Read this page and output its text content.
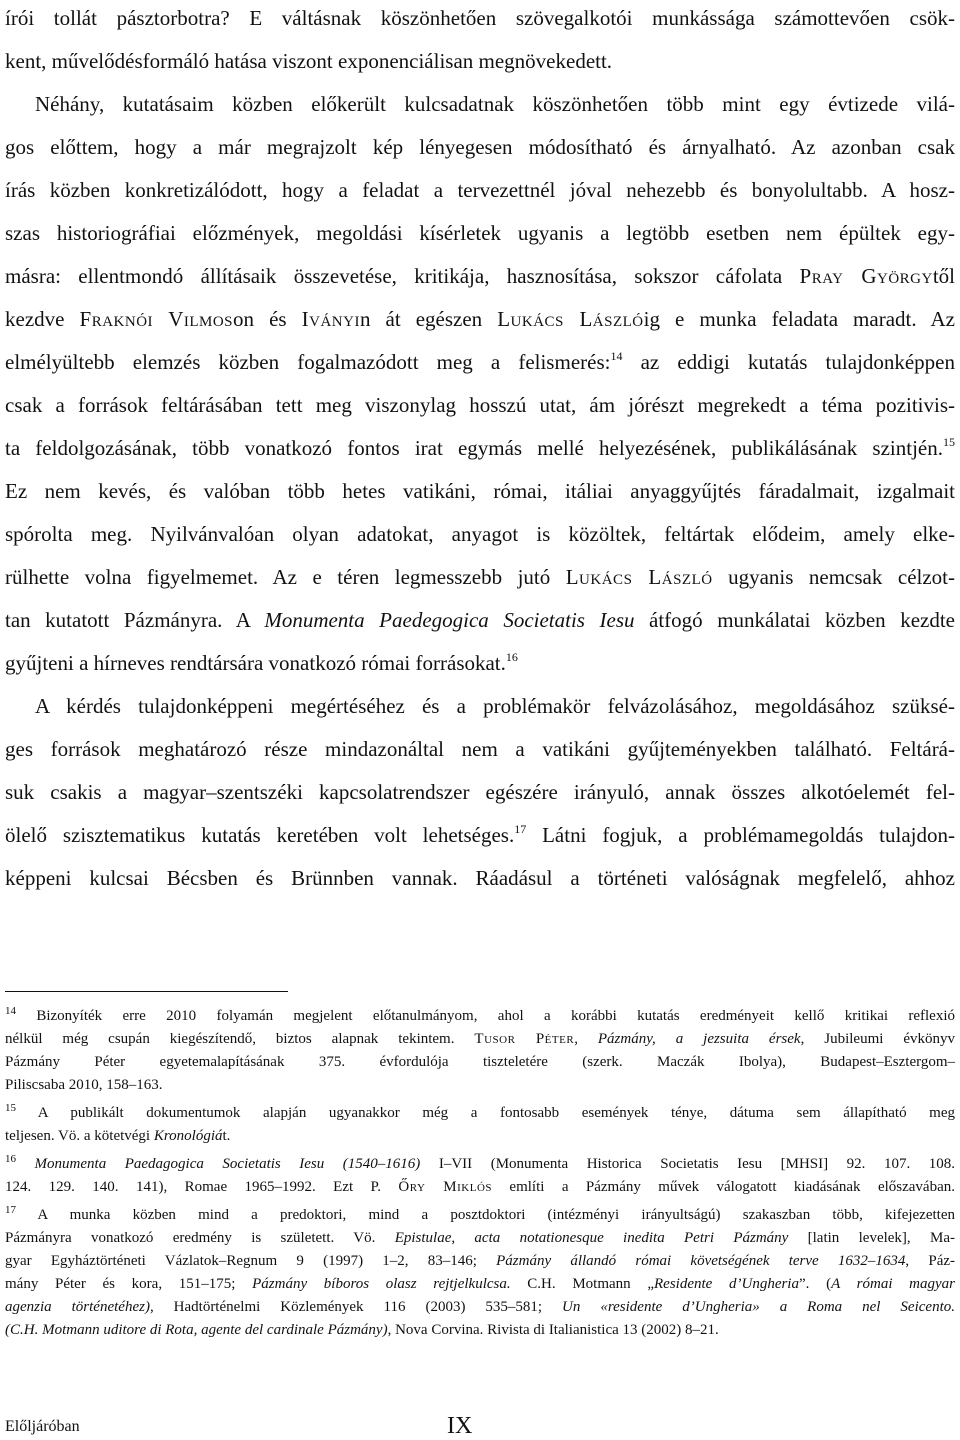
írói tollát pásztorbotra? E váltásnak köszönhetően szövegalkotói munkássága számottevően csök-
kent, művelődésformáló hatása viszont exponenciálisan megnövekedett.
Néhány, kutatásaim közben előkerült kulcsadatnak köszönhetően több mint egy évtizede vilá-
gos előttem, hogy a már megrajzolt kép lényegesen módosítható és árnyalható. Az azonban csak
írás közben konkretizálódott, hogy a feladat a tervezettnél jóval nehezebb és bonyolultabb. A hosz-
szas historiográfiai előzmények, megoldási kísérletek ugyanis a legtöbb esetben nem épültek egy-
másra: ellentmondó állításaik összevetése, kritikája, hasznosítása, sokszor cáfolata Pray Györgytől
kezdve Fraknói Vilmoson és Iványin át egészen Lukács Lászlóig e munka feladata maradt. Az
elmélyültebb elemzés közben fogalmazódott meg a felismerés:$^{14}$ az eddigi kutatás tulajdonképpen
csak a források feltárásában tett meg viszonylag hosszú utat, ám jórészt megrekedt a téma pozitivis-
ta feldolgozásának, több vonatkozó fontos irat egymás mellé helyezésének, publikálásának szintjén.$^{15}$
Ez nem kevés, és valóban több hetes vatikáni, római, itáliai anyaggyűjtés fáradalmait, izgalmait
spórolta meg. Nyilvánvalóan olyan adatokat, anyagot is közöltek, feltártak elődeim, amely elke-
rülhette volna figyelmemet. Az e téren legmesszebb jutó Lukács László ugyanis nemcsak célzot-
tan kutatott Pázmányra. A Monumenta Paedegogica Societatis Iesu átfogó munkálatai közben kezdte
gyűjteni a hírneves rendtársára vonatkozó római forrásokat.$^{16}$
A kérdés tulajdonképpeni megértéséhez és a problémakör felvázolásához, megoldásához szüksé-
ges források meghatározó része mindazonáltal nem a vatikáni gyűjteményekben található. Feltárá-
suk csakis a magyar–szentszéki kapcsolatrendszer egészére irányuló, annak összes alkotóelemét fel-
ölelő szisztematikus kutatás keretében volt lehetséges.$^{17}$ Látni fogjuk, a problémamegoldás tulajdon-
képpeni kulcsai Bécsben és Brünnben vannak. Ráadásul a történeti valóságnak megfelelő, ahhoz
$^{14}$ Bizonyíték erre 2010 folyamán megjelent előtanulmányom, ahol a korábbi kutatás eredményeit kellő kritikai reflexió
nélkül még csupán kiegészítendő, biztos alapnak tekintem. Tusor Péter, Pázmány, a jezsuita érsek, Jubileumi évkönyv
Pázmány Péter egyetemalapításának 375. évfordulója tiszteletére (szerk. Maczák Ibolya), Budapest–Esztergom–
Piliscsaba 2010, 158–163.
$^{15}$ A publikált dokumentumok alapján ugyanakkor még a fontosabb események ténye, dátuma sem állapítható meg
teljesen. Vö. a kötetvégi Kronológiát.
$^{16}$ Monumenta Paedagogica Societatis Iesu (1540–1616) I–VII (Monumenta Historica Societatis Iesu [MHSI] 92. 107. 108.
124. 129. 140. 141), Romae 1965–1992. Ezt P. Őry Miklós említi a Pázmány művek válogatott kiadásának előszavában.
$^{17}$ A munka közben mind a predoktori, mind a posztdoktori (intézményi irányultságú) szakaszban több, kifejezetten
Pázmányra vonatkozó eredmény is született. Vö. Epistulae, acta notationesque inedita Petri Pázmány [latin levelek], Ma-
gyar Egyháztörténeti Vázlatok–Regnum 9 (1997) 1–2, 83–146; Pázmány állandó római követségének terve 1632–1634, Páz-
mány Péter és kora, 151–175; Pázmány bíboros olasz rejtjelkulcsa. C.H. Motmann „Residente d’Ungheria”. (A római magyar
agenzia történetéhez), Hadtörténelmi Közlemények 116 (2003) 535–581; Un «residente d’Ungheria» a Roma nel Seicento.
(C.H. Motmann uditore di Rota, agente del cardinale Pázmány), Nova Corvina. Rivista di Italianistica 13 (2002) 8–21.
Előljáróban	IX
